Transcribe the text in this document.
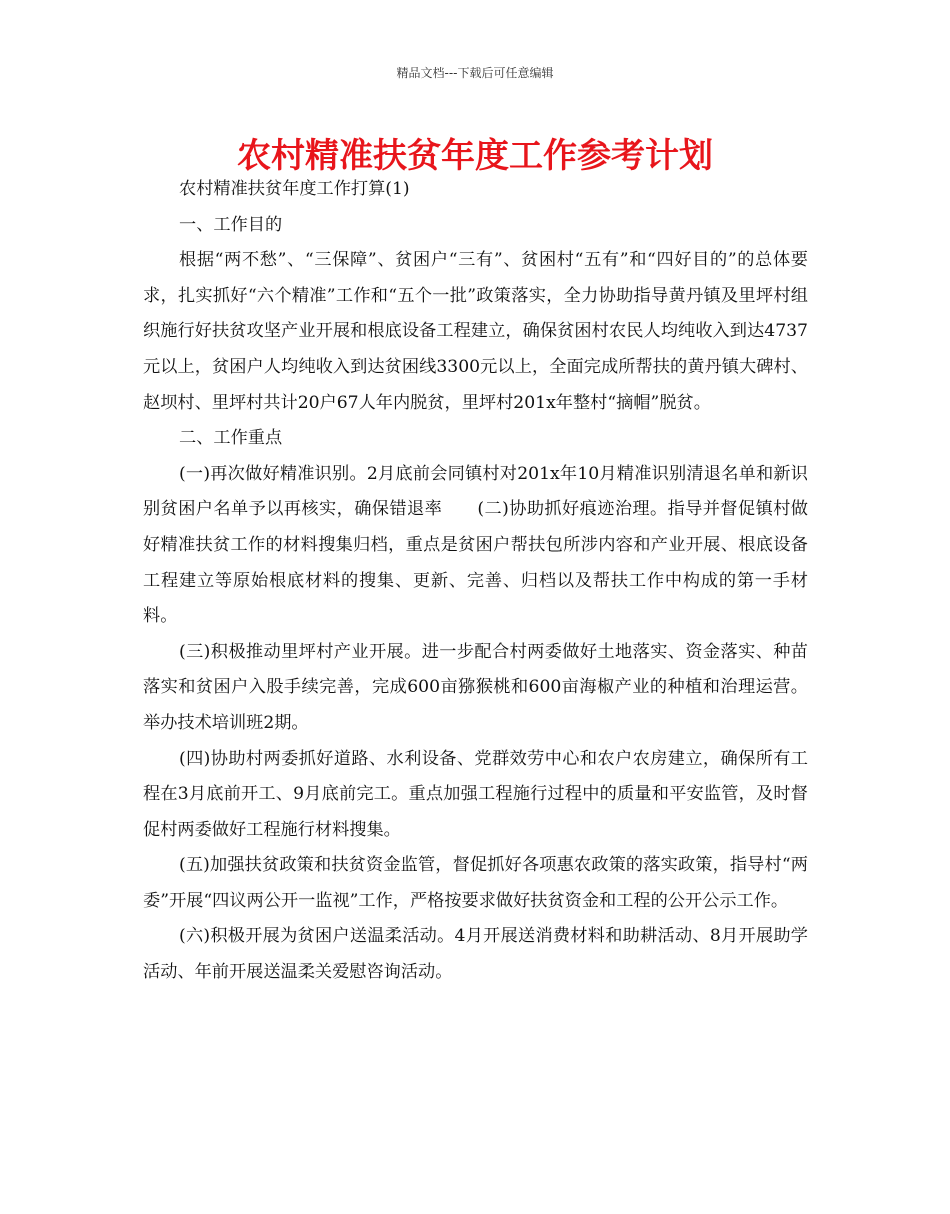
精品文档---下载后可任意编辑
农村精准扶贫年度工作参考计划

农村精准扶贫年度工作打算(1)

一、工作目的

根据“两不愁”、“三保障”、贫困户“三有”、贫困村“五有”和“四好目的”的总体要求，扎实抓好“六个精准”工作和“五个一批”政策落实，全力协助指导黄丹镇及里坪村组织施行好扶贫攻坚产业开展和根底设备工程建立，确保贫困村农民人均纯收入到达4737元以上，贫困户人均纯收入到达贫困线3300元以上，全面完成所帮扶的黄丹镇大碑村、赵坝村、里坪村共计20户67人年内脱贫，里坪村201x年整村“摘帽”脱贫。

二、工作重点

(一)再次做好精准识别。2月底前会同镇村对201x年10月精准识别清退名单和新识别贫困户名单予以再核实，确保错退率　　(二)协助抓好痕迹治理。指导并督促镇村做好精准扶贫工作的材料搜集归档，重点是贫困户帮扶包所涉内容和产业开展、根底设备工程建立等原始根底材料的搜集、更新、完善、归档以及帮扶工作中构成的第一手材料。

(三)积极推动里坪村产业开展。进一步配合村两委做好土地落实、资金落实、种苗落实和贫困户入股手续完善，完成600亩猕猴桃和600亩海椒产业的种植和治理运营。举办技术培训班2期。

(四)协助村两委抓好道路、水利设备、党群效劳中心和农户农房建立，确保所有工程在3月底前开工、9月底前完工。重点加强工程施行过程中的质量和平安监管，及时督促村两委做好工程施行材料搜集。

(五)加强扶贫政策和扶贫资金监管，督促抓好各项惠农政策的落实政策，指导村“两委”开展“四议两公开一监视”工作，严格按要求做好扶贫资金和工程的公开公示工作。

(六)积极开展为贫困户送温柔活动。4月开展送消费材料和助耕活动、8月开展助学活动、年前开展送温柔关爱慰咨询活动。
